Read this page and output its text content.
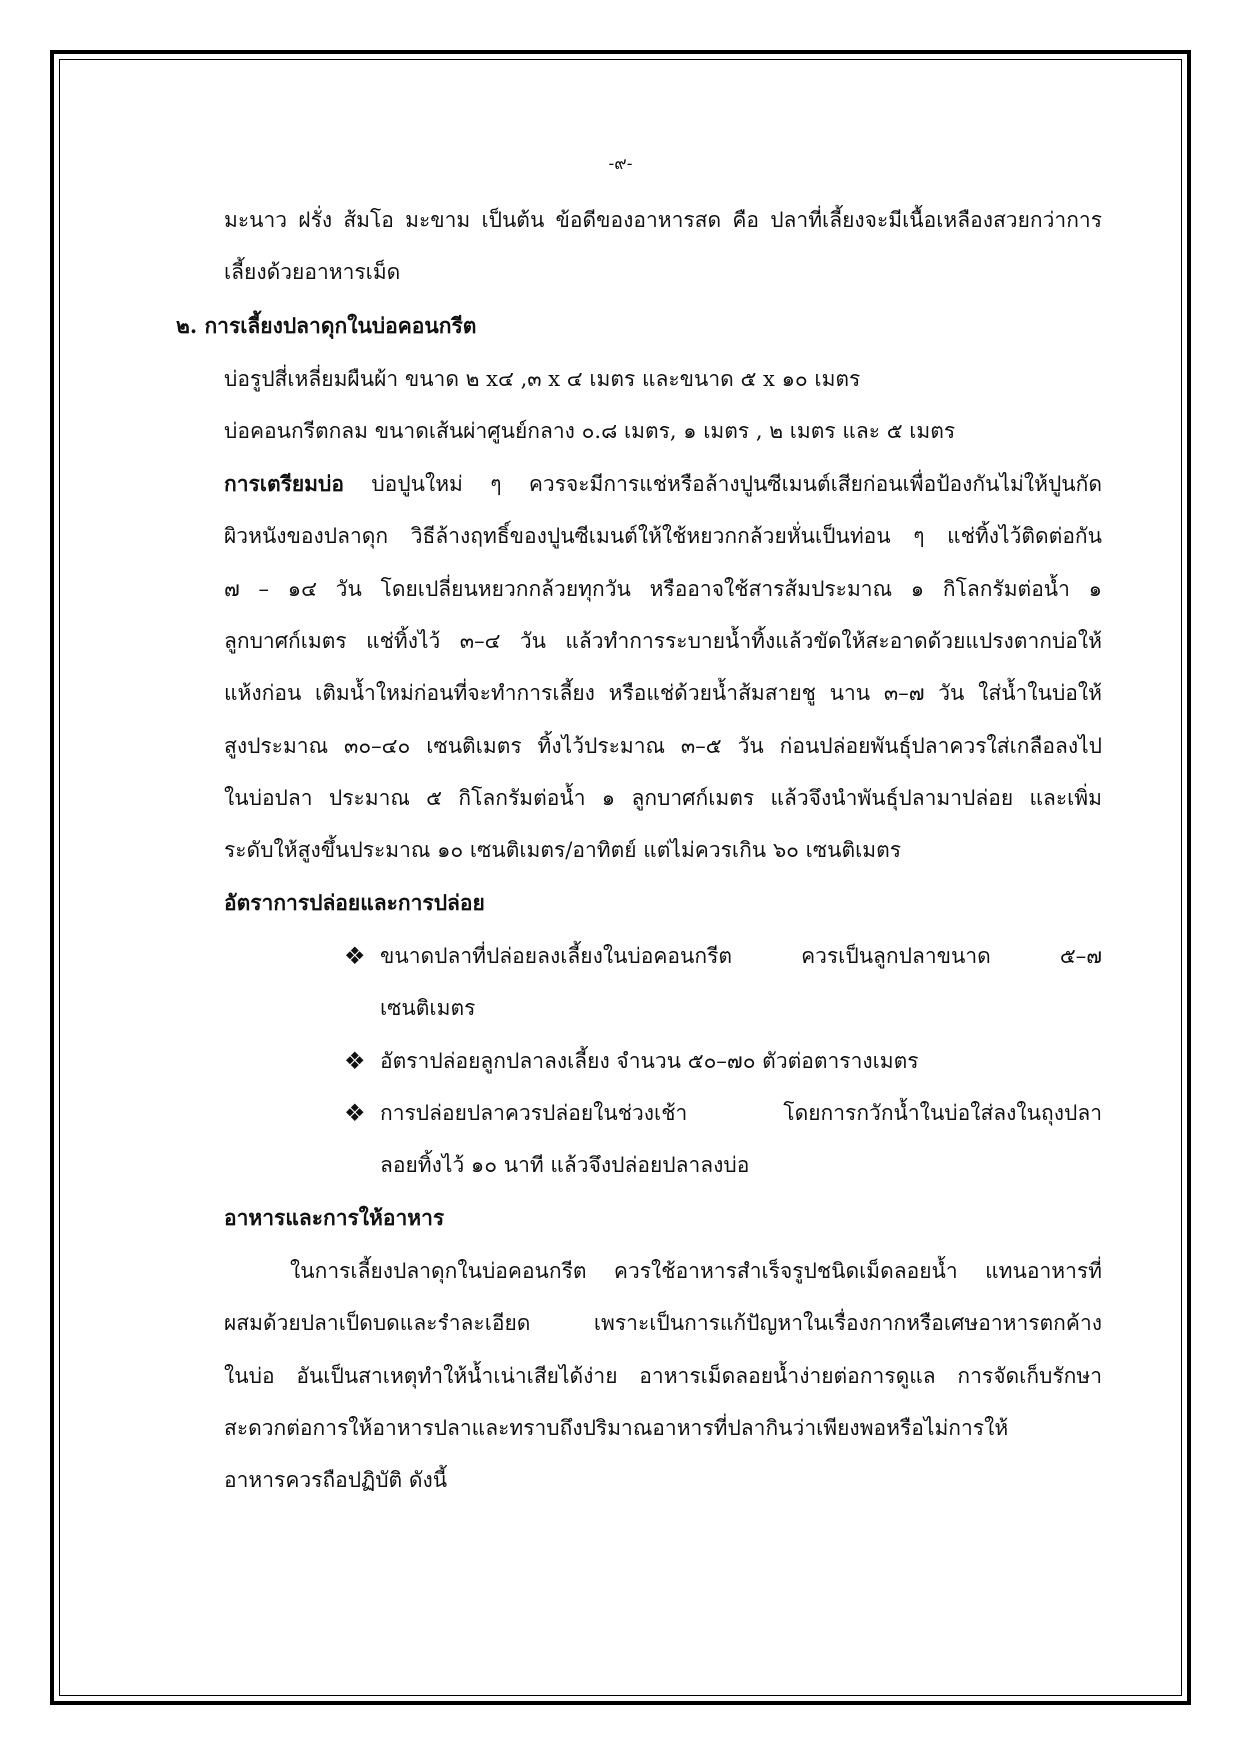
-๙-
มะนาว ฝรั่ง ส้มโอ มะขาม เป็นต้น ข้อดีของอาหารสด คือ ปลาที่เลี้ยงจะมีเนื้อเหลืองสวยกว่าการ
เลี้ยงด้วยอาหารเม็ด
๒. การเลี้ยงปลาดุกในบ่อคอนกรีต
บ่อรูปสี่เหลี่ยมผืนผ้า ขนาด ๒ x๔ ,๓ x ๔ เมตร และขนาด ๕ x ๑๐ เมตร
บ่อคอนกรีตกลม ขนาดเส้นผ่าศูนย์กลาง ๐.๘ เมตร, ๑ เมตร , ๒ เมตร และ ๕ เมตร
การเตรียมบ่อ บ่อปูนใหม่ ๆ ควรจะมีการแช่หรือล้างปูนซีเมนต์เสียก่อนเพื่อป้องกันไม่ให้ปูนกัด
ผิวหนังของปลาดุก วิธีล้างฤทธิ์ของปูนซีเมนต์ให้ใช้หยวกกล้วยหั่นเป็นท่อน ๆ แช่ทิ้งไว้ติดต่อกัน
๗ – ๑๔ วัน โดยเปลี่ยนหยวกกล้วยทุกวัน หรืออาจใช้สารส้มประมาณ ๑ กิโลกรัมต่อน้ำ ๑
ลูกบาศก์เมตร แช่ทิ้งไว้ ๓–๔ วัน แล้วทำการระบายน้ำทิ้งแล้วขัดให้สะอาดด้วยแปรงตากบ่อให้
แห้งก่อน เติมน้ำใหม่ก่อนที่จะทำการเลี้ยง หรือแช่ด้วยน้ำส้มสายชู นาน ๓–๗ วัน ใส่น้ำในบ่อให้
สูงประมาณ ๓๐–๔๐ เซนติเมตร ทิ้งไว้ประมาณ ๓–๕ วัน ก่อนปล่อยพันธุ์ปลาควรใส่เกลือลงไป
ในบ่อปลา ประมาณ ๕ กิโลกรัมต่อน้ำ ๑ ลูกบาศก์เมตร แล้วจึงนำพันธุ์ปลามาปล่อย และเพิ่ม
ระดับให้สูงขึ้นประมาณ ๑๐ เซนติเมตร/อาทิตย์ แต่ไม่ควรเกิน ๖๐ เซนติเมตร
อัตราการปล่อยและการปล่อย
❖ ขนาดปลาที่ปล่อยลงเลี้ยงในบ่อคอนกรีต ควรเป็นลูกปลาขนาด ๕–๗
เซนติเมตร
❖ อัตราปล่อยลูกปลาลงเลี้ยง จำนวน ๕๐–๗๐ ตัวต่อตารางเมตร
❖ การปล่อยปลาควรปล่อยในช่วงเช้า โดยการกวักน้ำในบ่อใส่ลงในถุงปลา
ลอยทิ้งไว้ ๑๐ นาที แล้วจึงปล่อยปลาลงบ่อ
อาหารและการให้อาหาร
ในการเลี้ยงปลาดุกในบ่อคอนกรีต ควรใช้อาหารสำเร็จรูปชนิดเม็ดลอยน้ำ แทนอาหารที่
ผสมด้วยปลาเป็ดบดและรำละเอียด เพราะเป็นการแก้ปัญหาในเรื่องกากหรือเศษอาหารตกค้าง
ในบ่อ อันเป็นสาเหตุทำให้น้ำเน่าเสียได้ง่าย อาหารเม็ดลอยน้ำง่ายต่อการดูแล การจัดเก็บรักษา
สะดวกต่อการให้อาหารปลาและทราบถึงปริมาณอาหารที่ปลากินว่าเพียงพอหรือไม่การให้
อาหารควรถือปฏิบัติ ดังนี้
